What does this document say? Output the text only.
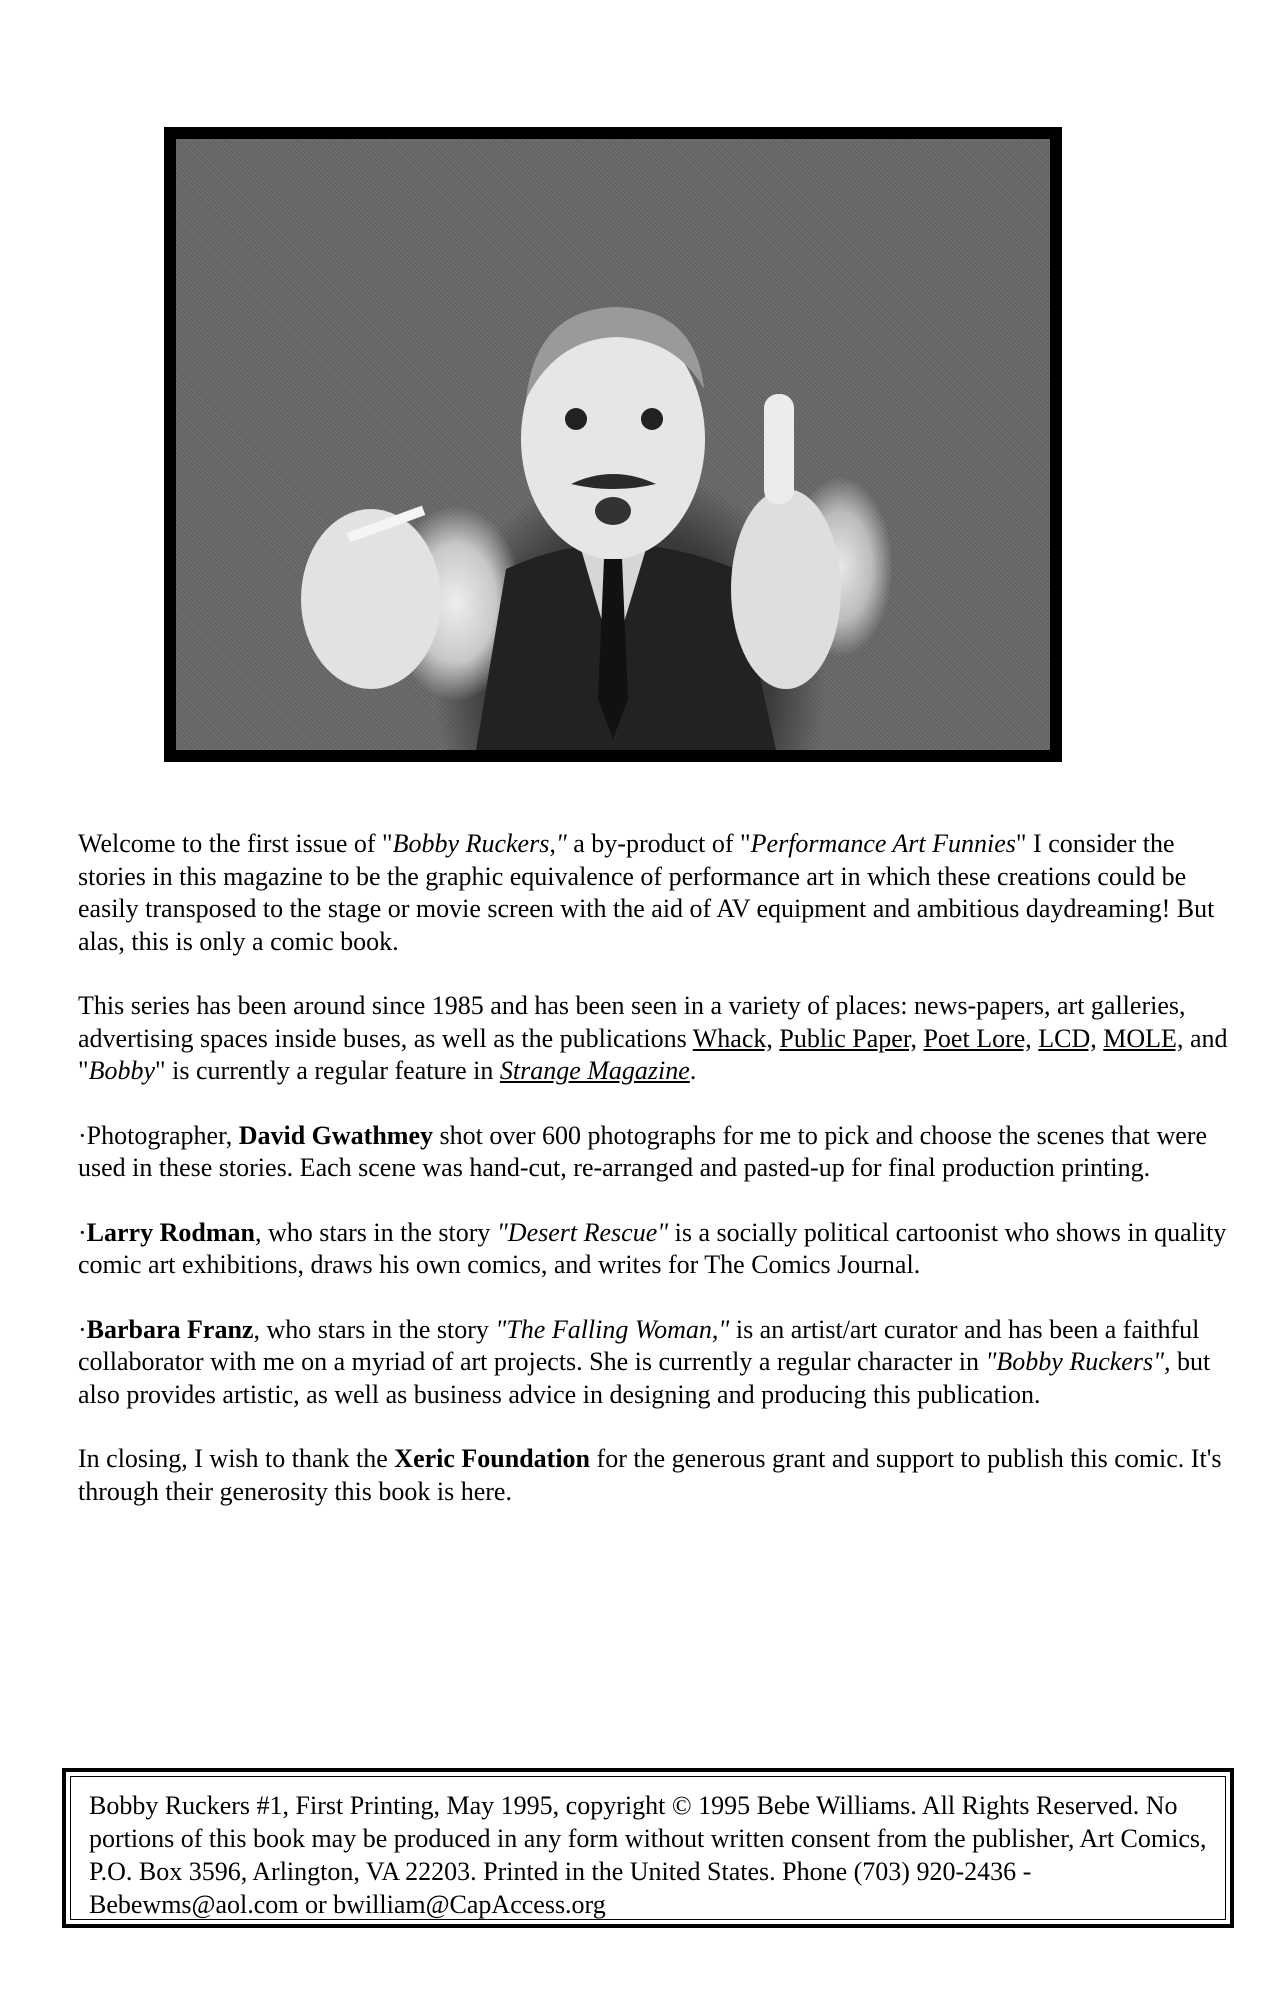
Welcome to the first issue of "Bobby Ruckers," a by-product of "Performance Art Funnies" I consider the stories in this magazine to be the graphic equivalence of performance art in which these creations could be easily transposed to the stage or movie screen with the aid of AV equipment and ambitious daydreaming! But alas, this is only a comic book.

This series has been around since 1985 and has been seen in a variety of places: news-papers, art galleries, advertising spaces inside buses, as well as the publications Whack, Public Paper, Poet Lore, LCD, MOLE, and "Bobby" is currently a regular feature in Strange Magazine.

·Photographer, David Gwathmey shot over 600 photographs for me to pick and choose the scenes that were used in these stories. Each scene was hand-cut, re-arranged and pasted-up for final production printing.

·Larry Rodman, who stars in the story "Desert Rescue" is a socially political cartoonist who shows in quality comic art exhibitions, draws his own comics, and writes for The Comics Journal.

·Barbara Franz, who stars in the story "The Falling Woman," is an artist/art curator and has been a faithful collaborator with me on a myriad of art projects. She is currently a regular character in "Bobby Ruckers", but also provides artistic, as well as business advice in designing and producing this publication.

In closing, I wish to thank the Xeric Foundation for the generous grant and support to publish this comic. It's through their generosity this book is here.

Bobby Ruckers #1, First Printing, May 1995, copyright © 1995 Bebe Williams. All Rights Reserved. No portions of this book may be produced in any form without written consent from the publisher, Art Comics, P.O. Box 3596, Arlington, VA 22203. Printed in the United States. Phone (703) 920-2436 -Bebewms@aol.com or bwilliam@CapAccess.org
